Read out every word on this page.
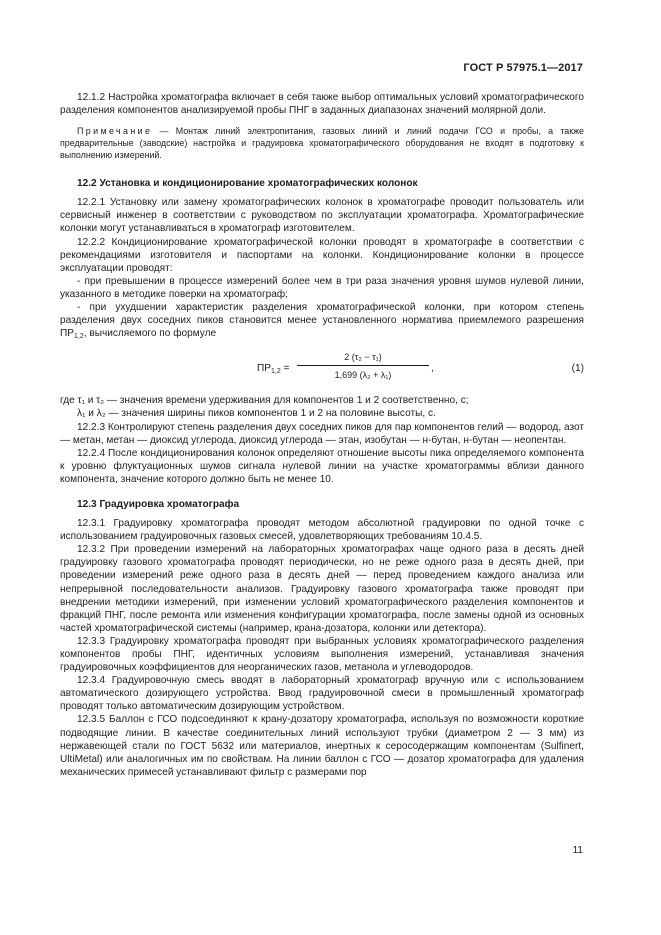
ГОСТ Р 57975.1—2017

12.1.2 Настройка хроматографа включает в себя также выбор оптимальных условий хроматографического разделения компонентов анализируемой пробы ПНГ в заданных диапазонах значений молярной доли.

Примечание — Монтаж линий электропитания, газовых линий и линий подачи ГСО и пробы, а также предварительные (заводские) настройка и градуировка хроматографического оборудования не входят в подготовку к выполнению измерений.

12.2 Установка и кондиционирование хроматографических колонок

12.2.1 Установку или замену хроматографических колонок в хроматографе проводит пользователь или сервисный инженер в соответствии с руководством по эксплуатации хроматографа. Хроматографические колонки могут устанавливаться в хроматограф изготовителем.

12.2.2 Кондиционирование хроматографической колонки проводят в хроматографе в соответствии с рекомендациями изготовителя и паспортами на колонки. Кондиционирование колонки в процессе эксплуатации проводят:

- при превышении в процессе измерений более чем в три раза значения уровня шумов нулевой линии, указанного в методике поверки на хроматограф;

- при ухудшении характеристик разделения хроматографической колонки, при котором степень разделения двух соседних пиков становится менее установленного норматива приемлемого разрешения $ПР_{1,2}$, вычисляемого по формуле

$ПР_{1,2}$ =
2 (τ₂ − τ₁)
1,699 (λ₂ + λ₁)
,	(1)

где τ₁ и τ₂ — значения времени удерживания для компонентов 1 и 2 соответственно, с;

λ₁ и λ₂ — значения ширины пиков компонентов 1 и 2 на половине высоты, с.

12.2.3 Контролируют степень разделения двух соседних пиков для пар компонентов гелий — водород, азот — метан, метан — диоксид углерода, диоксид углерода — этан, изобутан — н-бутан, н-бутан — неопентан.

12.2.4 После кондиционирования колонок определяют отношение высоты пика определяемого компонента к уровню флуктуационных шумов сигнала нулевой линии на участке хроматограммы вблизи данного компонента, значение которого должно быть не менее 10.

12.3 Градуировка хроматографа

12.3.1 Градуировку хроматографа проводят методом абсолютной градуировки по одной точке с использованием градуировочных газовых смесей, удовлетворяющих требованиям 10.4.5.

12.3.2 При проведении измерений на лабораторных хроматографах чаще одного раза в десять дней градуировку газового хроматографа проводят периодически, но не реже одного раза в десять дней, при проведении измерений реже одного раза в десять дней — перед проведением каждого анализа или непрерывной последовательности анализов. Градуировку газового хроматографа также проводят при внедрении методики измерений, при изменении условий хроматографического разделения компонентов и фракций ПНГ, после ремонта или изменения конфигурации хроматографа, после замены одной из основных частей хроматографической системы (например, крана-дозатора, колонки или детектора).

12.3.3 Градуировку хроматографа проводят при выбранных условиях хроматографического разделения компонентов пробы ПНГ, идентичных условиям выполнения измерений, устанавливая значения градуировочных коэффициентов для неорганических газов, метанола и углеводородов.

12.3.4 Градуировочную смесь вводят в лабораторный хроматограф вручную или с использованием автоматического дозирующего устройства. Ввод градуировочной смеси в промышленный хроматограф проводят только автоматическим дозирующим устройством.

12.3.5 Баллон с ГСО подсоединяют к крану-дозатору хроматографа, используя по возможности короткие подводящие линии. В качестве соединительных линий используют трубки (диаметром 2 — 3 мм) из нержавеющей стали по ГОСТ 5632 или материалов, инертных к серосодержащим компонентам (Sulfinert, UltiMetal) или аналогичных им по свойствам. На линии баллон с ГСО — дозатор хроматографа для удаления механических примесей устанавливают фильтр с размерами пор

11
